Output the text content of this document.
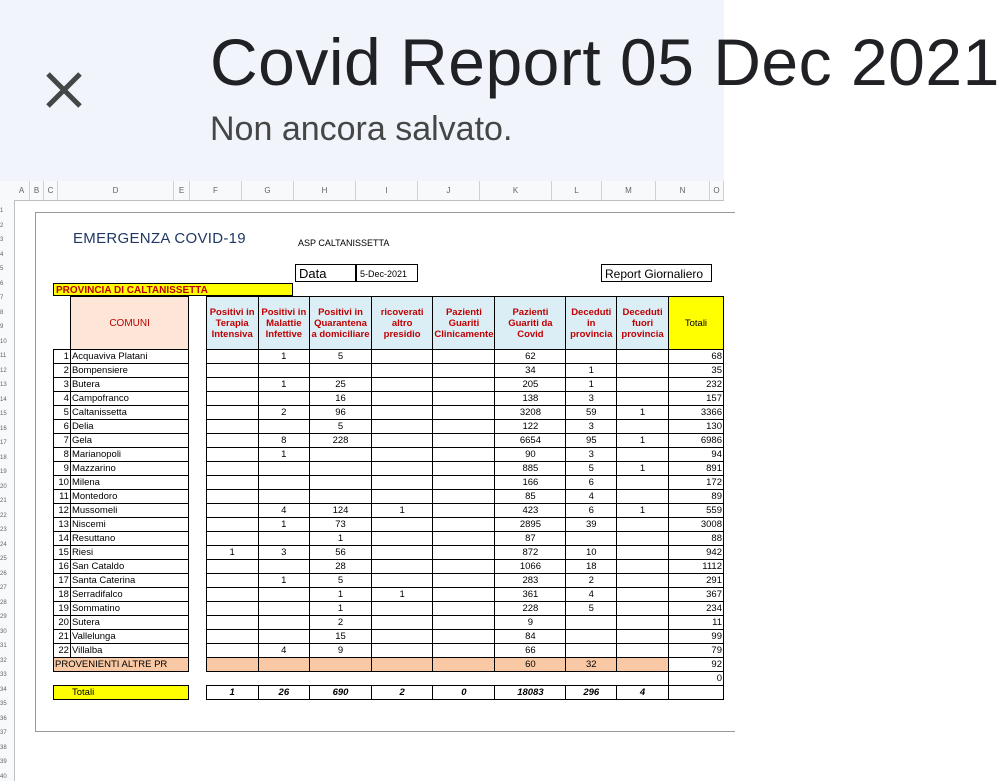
Covid Report 05 Dec 2021
Non ancora salvato.
A	B	C	D	E	F	G	H	I	J	K	L	M	N	O
1
2
3
4
5
6
7
8
9
10
11
12
13
14
15
16
17
18
19
20
21
22
23
24
25
26
27
28
29
30
31
32
33
34
35
36
37
38
39
40
EMERGENZA COVID-19	ASP CALTANISSETTA
Data	5-Dec-2021	Report Giornaliero
PROVINCIA DI CALTANISSETTA
	COMUNI		Positivi in Terapia Intensiva	Positivi in Malattie Infettive	Positivi in Quarantena a domiciliare	ricoverati altro presidio	Pazienti Guariti Clinicamente	Pazienti Guariti da Covid	Deceduti in provincia	Deceduti fuori provincia	Totali
1	Acquaviva Platani			1	5			62			68
2	Bompensiere							34	1		35
3	Butera			1	25			205	1		232
4	Campofranco				16			138	3		157
5	Caltanissetta			2	96			3208	59	1	3366
6	Delia				5			122	3		130
7	Gela			8	228			6654	95	1	6986
8	Marianopoli			1				90	3		94
9	Mazzarino							885	5	1	891
10	Milena							166	6		172
11	Montedoro							85	4		89
12	Mussomeli			4	124	1		423	6	1	559
13	Niscemi			1	73			2895	39		3008
14	Resuttano				1			87			88
15	Riesi		1	3	56			872	10		942
16	San Cataldo				28			1066	18		1112
17	Santa Caterina			1	5			283	2		291
18	Serradifalco				1	1		361	4		367
19	Sommatino				1			228	5		234
20	Sutera				2			9			11
21	Vallelunga				15			84			99
22	Villalba			4	9			66			79
PROVENIENTI ALTRE PR								60	32		92
											0
Totali			1	26	690	2	0	18083	296	4	
